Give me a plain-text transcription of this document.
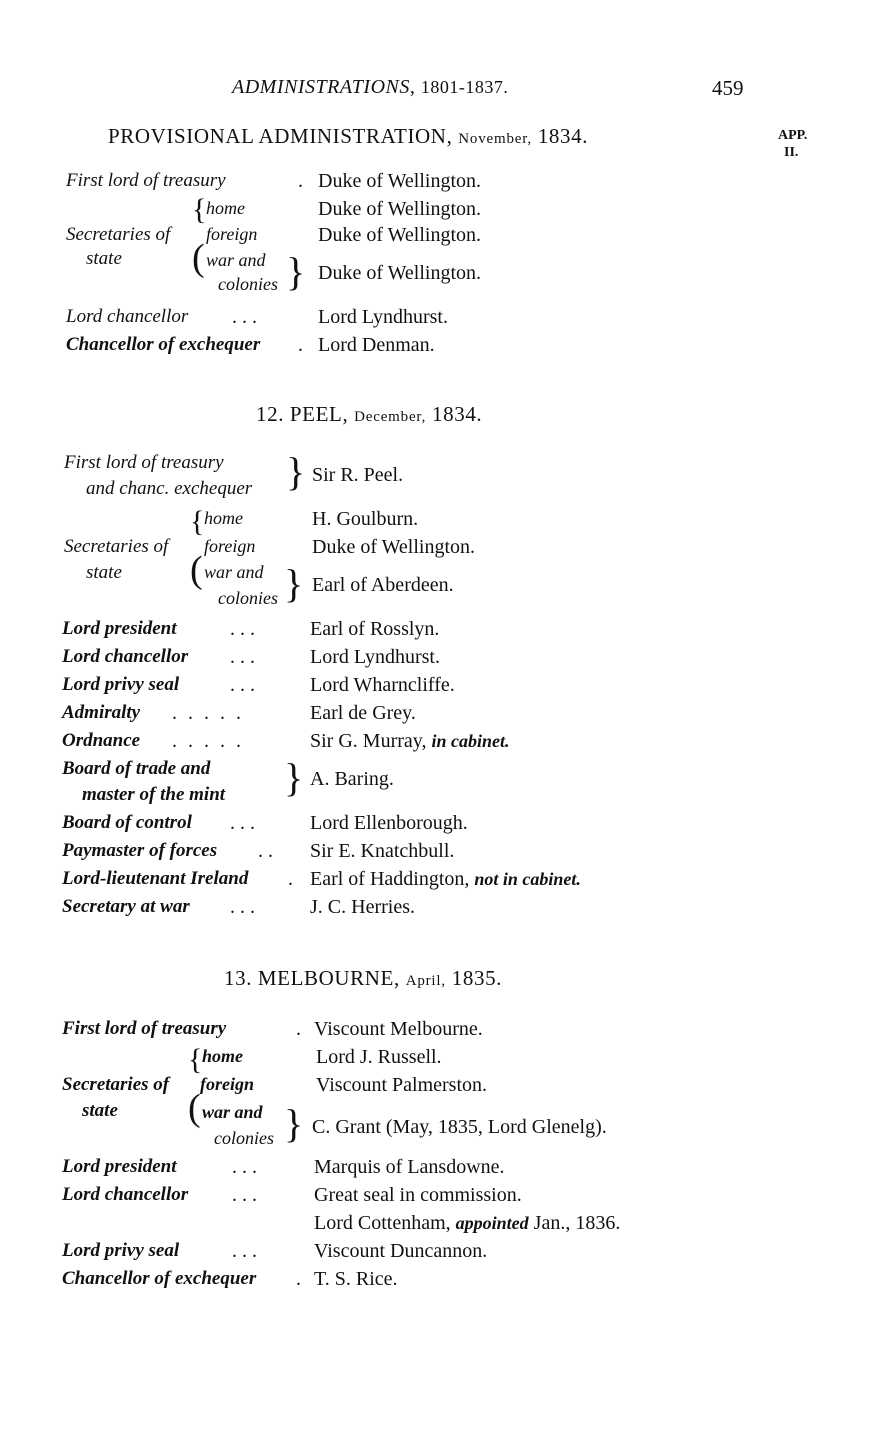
ADMINISTRATIONS, 1801-1837.	459
APP.
II.
PROVISIONAL ADMINISTRATION, November, 1834.
First lord of treasury	. Duke of Wellington.
Secretaries of
state
{
(
home	Duke of Wellington.
foreign	Duke of Wellington.
war and
colonies } Duke of Wellington.
Lord chancellor . . .	Lord Lyndhurst.
Chancellor of exchequer . Lord Denman.
12. PEEL, December, 1834.
First lord of treasury
and chanc. exchequer } Sir R. Peel.
Secretaries of
state
{
(
home	H. Goulburn.
foreign	Duke of Wellington.
war and
colonies } Earl of Aberdeen.
Lord president	. . .	Earl of Rosslyn.
Lord chancellor . . .	Lord Lyndhurst.
Lord privy seal	. . .	Lord Wharncliffe.
Admiralty . . . . .	Earl de Grey.
Ordnance . . . . .	Sir G. Murray, in cabinet.
Board of trade and
master of the mint } A. Baring.
Board of control . . .	Lord Ellenborough.
Paymaster of forces . . Sir E. Knatchbull.
Lord-lieutenant Ireland . Earl of Haddington, not in cabinet.
Secretary at war . . .	J. C. Herries.
13. MELBOURNE, April, 1835.
First lord of treasury	. Viscount Melbourne.
Secretaries of
state
{
(
home	Lord J. Russell.
foreign	Viscount Palmerston.
war and
colonies } C. Grant (May, 1835, Lord Glenelg).
Lord president	. . .	Marquis of Lansdowne.
Lord chancellor . . .	Great seal in commission.
Lord Cottenham, appointed Jan., 1836.
Lord privy seal	. . .	Viscount Duncannon.
Chancellor of exchequer . T. S. Rice.
